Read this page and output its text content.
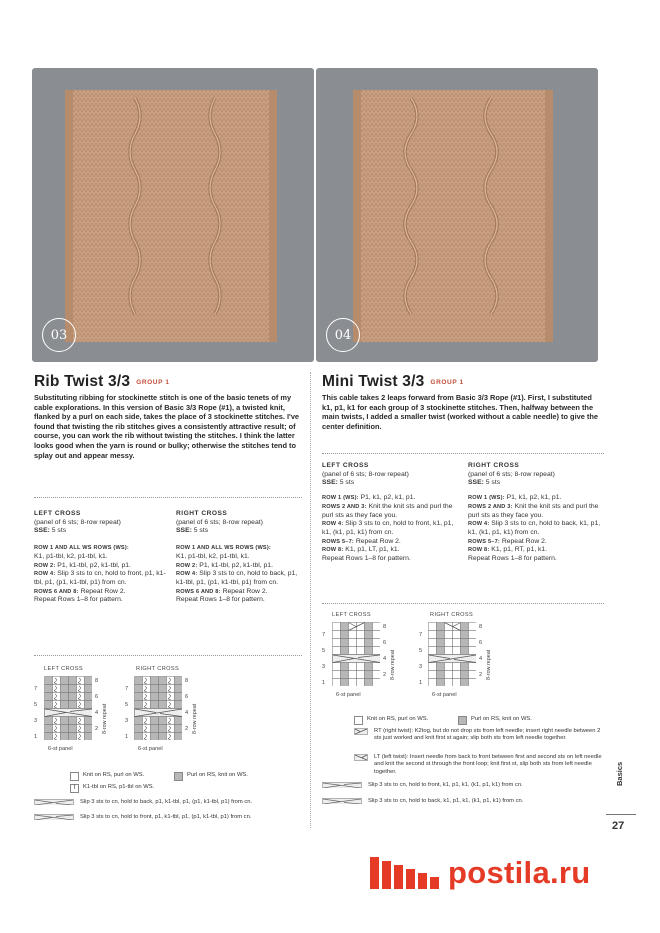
03	04
Rib Twist 3/3 GROUP 1
Substituting ribbing for stockinette stitch is one of the basic tenets of my cable explorations. In this version of Basic 3/3 Rope (#1), a twisted knit, flanked by a purl on each side, takes the place of 3 stockinette stitches. I've found that twisting the rib stitches gives a consistently attractive result; of course, you can work the rib without twisting the stitches. I think the latter looks good when the yarn is round or bulky; otherwise the stitches tend to splay out and appear messy.
LEFT CROSS
(panel of 6 sts; 8-row repeat)
SSE: 5 sts

ROW 1 AND ALL WS ROWS (WS):
K1, p1-tbl, k2, p1-tbl, k1.

ROW 2: P1, k1-tbl, p2, k1-tbl, p1.

ROW 4: Slip 3 sts to cn, hold to front, p1, k1-tbl, p1, (p1, k1-tbl, p1) from cn.

ROWS 6 AND 8: Repeat Row 2.

Repeat Rows 1–8 for pattern.

RIGHT CROSS
(panel of 6 sts; 8-row repeat)
SSE: 5 sts

ROW 1 AND ALL WS ROWS (WS):
K1, p1-tbl, k2, p1-tbl, k1.

ROW 2: P1, k1-tbl, p2, k1-tbl, p1.

ROW 4: Slip 3 sts to cn, hold to back, p1, k1-tbl, p1, (p1, k1-tbl, p1) from cn.

ROWS 6 AND 8: Repeat Row 2.

Repeat Rows 1–8 for pattern.

LEFT CROSS	RIGHT CROSS
7
5
3
1
8
6
4
2 8-row repeat
7
5
3
1
8
6
4
2 8-row repeat
6-st panel	6-st panel
Knit on RS, purl on WS.	Purl on RS, knit on WS.
⌇	K1-tbl on RS, p1-tbl on WS.
Slip 3 sts to cn, hold to back, p1, k1-tbl, p1, (p1, k1-tbl, p1) from cn.
Slip 3 sts to cn, hold to front, p1, k1-tbl, p1, (p1, k1-tbl, p1) from cn.
Mini Twist 3/3 GROUP 1
This cable takes 2 leaps forward from Basic 3/3 Rope (#1). First, I substituted k1, p1, k1 for each group of 3 stockinette stitches. Then, halfway between the main twists, I added a smaller twist (worked without a cable needle) to give the center definition.
LEFT CROSS
(panel of 6 sts; 8-row repeat)
SSE: 5 sts

ROW 1 (WS): P1, k1, p2, k1, p1.

ROWS 2 AND 3: Knit the knit sts and purl the purl sts as they face you.

ROW 4: Slip 3 sts to cn, hold to front, k1, p1, k1, (k1, p1, k1) from cn.

ROWS 5–7: Repeat Row 2.

ROW 8: K1, p1, LT, p1, k1.

Repeat Rows 1–8 for pattern.

RIGHT CROSS
(panel of 6 sts; 8-row repeat)
SSE: 5 sts

ROW 1 (WS): P1, k1, p2, k1, p1.

ROWS 2 AND 3: Knit the knit sts and purl the purl sts as they face you.

ROW 4: Slip 3 sts to cn, hold to back, k1, p1, k1, (k1, p1, k1) from cn.

ROWS 5–7: Repeat Row 2.

ROW 8: K1, p1, RT, p1, k1.

Repeat Rows 1–8 for pattern.

LEFT CROSS	RIGHT CROSS
7
5
3
1
8
6
4
2 8-row repeat
7
5
3
1
8
6
4
2 8-row repeat
6-st panel	6-st panel
Knit on RS, purl on WS.	Purl on RS, knit on WS.
RT (right twist): K2tog, but do not drop sts from left needle; insert right needle between 2 sts just worked and knit first st again; slip both sts from left needle together.
LT (left twist): Insert needle from back to front between first and second sts on left needle and knit the second st through the front loop; knit first st, slip both sts from left needle together.
Slip 3 sts to cn, hold to front, k1, p1, k1, (k1, p1, k1) from cn.
Slip 3 sts to cn, hold to back, k1, p1, k1, (k1, p1, k1) from cn.
Basics
27
postila.ru
